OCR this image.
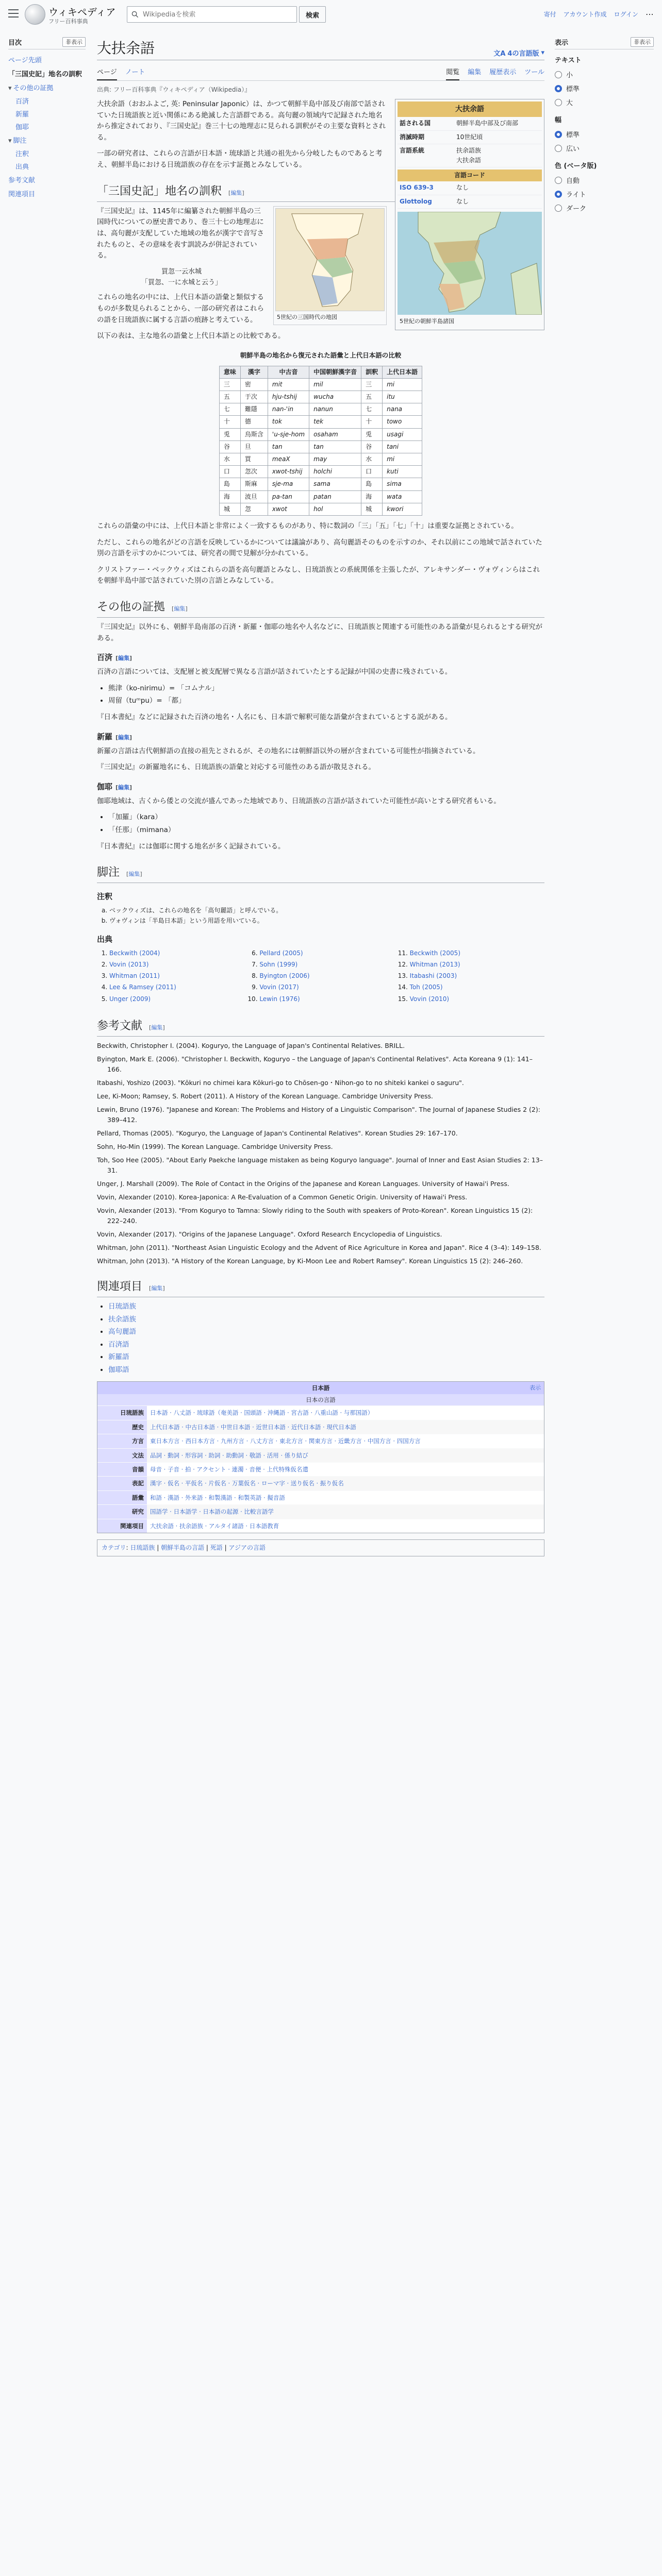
ウィキペディア
フリー百科事典
Wikipediaを検索
検索	寄付 アカウント作成 ログイン ⋯
目次	非表示
ページ先頭
「三国史記」地名の訓釈
▾ その他の証拠
百済
新羅
伽耶
▾ 脚注
注釈
出典
参考文献
関連項目
大扶余語	文A 4の言語版 ▾
ページ ノート	閲覧 編集 履歴表示 ツール
出典: フリー百科事典『ウィキペディア（Wikipedia）』
大扶余語
話される国	朝鮮半島中部及び南部
消滅時期	10世紀頃
言語系統	扶余語族
大扶余語
言語コード
ISO 639-3	なし
Glottolog	なし
5世紀の朝鮮半島諸国

大扶余語（おおふよご, 英: Peninsular Japonic）は、かつて朝鮮半島中部及び南部で話されていた日琉語族と近い関係にある絶滅した言語群である。高句麗の領域内で記録された地名から推定されており、『三国史記』巻三十七の地理志に見られる訓釈がその主要な資料とされる。

一部の研究者は、これらの言語が日本語・琉球語と共通の祖先から分岐したものであると考え、朝鮮半島における日琉語族の存在を示す証拠とみなしている。

「三国史記」地名の訓釈 [編集]
5世紀の三国時代の地図

『三国史記』は、1145年に編纂された朝鮮半島の三国時代についての歴史書であり、巻三十七の地理志には、高句麗が支配していた地域の地名が漢字で音写されたものと、その意味を表す訓読みが併記されている。

買忽一云水城
「買忽、一に水城と云う」

これらの地名の中には、上代日本語の語彙と類似するものが多数見られることから、一部の研究者はこれらの語を日琉語族に属する言語の痕跡と考えている。

以下の表は、主な地名の語彙と上代日本語との比較である。

朝鮮半島の地名から復元された語彙と上代日本語の比較
意味	漢字	中古音	中国朝鮮漢字音	訓釈	上代日本語
三	密	mit	mil	三	mi
五	于次	hju-tshij	wucha	五	itu
七	難隱	nan-'in	nanun	七	nana
十	德	tok	tek	十	towo
兎	烏斯含	'u-sje-hom	osaham	兎	usagi
谷	旦	tan	tan	谷	tani
水	買	meaX	may	水	mi
口	忽次	xwot-tshij	holchi	口	kuti
島	斯麻	sje-ma	sama	島	sima
海	波旦	pa-tan	patan	海	wata
城	忽	xwot	hol	城	kwori

これらの語彙の中には、上代日本語と非常によく一致するものがあり、特に数詞の「三」「五」「七」「十」は重要な証拠とされている。

ただし、これらの地名がどの言語を反映しているかについては議論があり、高句麗語そのものを示すのか、それ以前にこの地域で話されていた別の言語を示すのかについては、研究者の間で見解が分かれている。

クリストファー・ベックウィズはこれらの語を高句麗語とみなし、日琉語族との系統関係を主張したが、アレキサンダー・ヴォヴィンらはこれを朝鮮半島中部で話されていた別の言語とみなしている。

その他の証拠 [編集]

『三国史記』以外にも、朝鮮半島南部の百済・新羅・伽耶の地名や人名などに、日琉語族と関連する可能性のある語彙が見られるとする研究がある。

百済 [編集]

百済の言語については、支配層と被支配層で異なる言語が話されていたとする記録が中国の史書に残されている。

• 熊津（ko-nirimu）= 「コムナル」
• 周留（tuᵐpu）= 「都」

『日本書紀』などに記録された百済の地名・人名にも、日本語で解釈可能な語彙が含まれているとする説がある。

新羅 [編集]

新羅の言語は古代朝鮮語の直接の祖先とされるが、その地名には朝鮮語以外の層が含まれている可能性が指摘されている。

『三国史記』の新羅地名にも、日琉語族の語彙と対応する可能性のある語が散見される。

伽耶 [編集]

伽耶地域は、古くから倭との交流が盛んであった地域であり、日琉語族の言語が話されていた可能性が高いとする研究者もいる。

• 「加羅」（kara）
• 「任那」（mimana）

『日本書紀』には伽耶に関する地名が多く記録されている。

脚注 [編集]
注釈
a. ベックウィズは、これらの地名を「高句麗語」と呼んでいる。
b. ヴォヴィンは「半島日本語」という用語を用いている。
出典
1. Beckwith (2004)
2. Vovin (2013)
3. Whitman (2011)
4. Lee & Ramsey (2011)
5. Unger (2009)
6. Pellard (2005)
7. Sohn (1999)
8. Byington (2006)
9. Vovin (2017)
10. Lewin (1976)
11. Beckwith (2005)
12. Whitman (2013)
13. Itabashi (2003)
14. Toh (2005)
15. Vovin (2010)
参考文献 [編集]

Beckwith, Christopher I. (2004). Koguryo, the Language of Japan's Continental Relatives. BRILL.

Byington, Mark E. (2006). "Christopher I. Beckwith, Koguryo – the Language of Japan's Continental Relatives". Acta Koreana 9 (1): 141–166.

Itabashi, Yoshizo (2003). "Kōkuri no chimei kara Kōkuri-go to Chōsen-go・Nihon-go to no shiteki kankei o saguru".

Lee, Ki-Moon; Ramsey, S. Robert (2011). A History of the Korean Language. Cambridge University Press.

Lewin, Bruno (1976). "Japanese and Korean: The Problems and History of a Linguistic Comparison". The Journal of Japanese Studies 2 (2): 389–412.

Pellard, Thomas (2005). "Koguryo, the Language of Japan's Continental Relatives". Korean Studies 29: 167–170.

Sohn, Ho-Min (1999). The Korean Language. Cambridge University Press.

Toh, Soo Hee (2005). "About Early Paekche language mistaken as being Koguryo language". Journal of Inner and East Asian Studies 2: 13–31.

Unger, J. Marshall (2009). The Role of Contact in the Origins of the Japanese and Korean Languages. University of Hawai'i Press.

Vovin, Alexander (2010). Korea-Japonica: A Re-Evaluation of a Common Genetic Origin. University of Hawai'i Press.

Vovin, Alexander (2013). "From Koguryo to Tamna: Slowly riding to the South with speakers of Proto-Korean". Korean Linguistics 15 (2): 222–240.

Vovin, Alexander (2017). "Origins of the Japanese Language". Oxford Research Encyclopedia of Linguistics.

Whitman, John (2011). "Northeast Asian Linguistic Ecology and the Advent of Rice Agriculture in Korea and Japan". Rice 4 (3–4): 149–158.

Whitman, John (2013). "A History of the Korean Language, by Ki-Moon Lee and Robert Ramsey". Korean Linguistics 15 (2): 246–260.

関連項目 [編集]
• 日琉語族
• 扶余語族
• 高句麗語
• 百済語
• 新羅語
• 伽耶語
日本語	表示
日本の言語
日琉語族	日本語 · 八丈語 · 琉球語（奄美語 · 国頭語 · 沖縄語 · 宮古語 · 八重山語 · 与那国語）
歴史	上代日本語 · 中古日本語 · 中世日本語 · 近世日本語 · 近代日本語 · 現代日本語
方言	東日本方言 · 西日本方言 · 九州方言 · 八丈方言 · 東北方言 · 関東方言 · 近畿方言 · 中国方言 · 四国方言
文法	品詞 · 動詞 · 形容詞 · 助詞 · 助動詞 · 敬語 · 活用 · 係り結び
音韻	母音 · 子音 · 拍 · アクセント · 連濁 · 音便 · 上代特殊仮名遣
表記	漢字 · 仮名 · 平仮名 · 片仮名 · 万葉仮名 · ローマ字 · 送り仮名 · 振り仮名
語彙	和語 · 漢語 · 外来語 · 和製漢語 · 和製英語 · 擬音語
研究	国語学 · 日本語学 · 日本語の起源 · 比較言語学
関連項目	大扶余語 · 扶余語族 · アルタイ諸語 · 日本語教育
カテゴリ: 日琉語族 | 朝鮮半島の言語 | 死語 | アジアの言語
表示	非表示
テキスト
小
標準
大
幅
標準
広い
色 (ベータ版)
自動
ライト
ダーク
